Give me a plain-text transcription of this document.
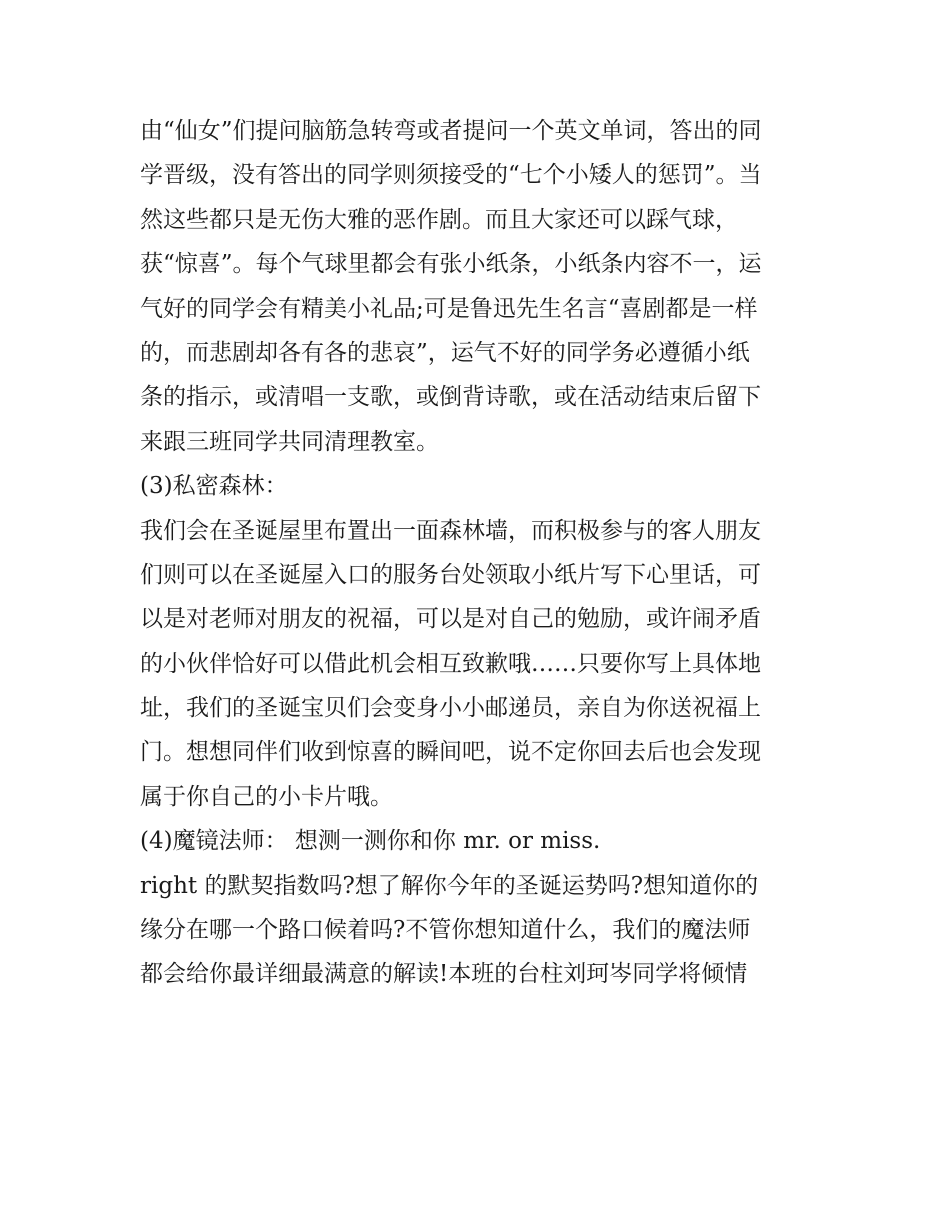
由“仙女”们提问脑筋急转弯或者提问一个英文单词，答出的同
学晋级，没有答出的同学则须接受的“七个小矮人的惩罚”。当
然这些都只是无伤大雅的恶作剧。而且大家还可以踩气球，
获“惊喜”。每个气球里都会有张小纸条，小纸条内容不一，运
气好的同学会有精美小礼品;可是鲁迅先生名言“喜剧都是一样
的，而悲剧却各有各的悲哀”，运气不好的同学务必遵循小纸
条的指示，或清唱一支歌，或倒背诗歌，或在活动结束后留下
来跟三班同学共同清理教室。
(3)私密森林：
我们会在圣诞屋里布置出一面森林墙，而积极参与的客人朋友
们则可以在圣诞屋入口的服务台处领取小纸片写下心里话，可
以是对老师对朋友的祝福，可以是对自己的勉励，或许闹矛盾
的小伙伴恰好可以借此机会相互致歉哦……只要你写上具体地
址，我们的圣诞宝贝们会变身小小邮递员，亲自为你送祝福上
门。想想同伴们收到惊喜的瞬间吧，说不定你回去后也会发现
属于你自己的小卡片哦。
(4)魔镜法师： 想测一测你和你 mr. or miss.
right 的默契指数吗?想了解你今年的圣诞运势吗?想知道你的
缘分在哪一个路口候着吗?不管你想知道什么，我们的魔法师
都会给你最详细最满意的解读!本班的台柱刘珂岑同学将倾情
